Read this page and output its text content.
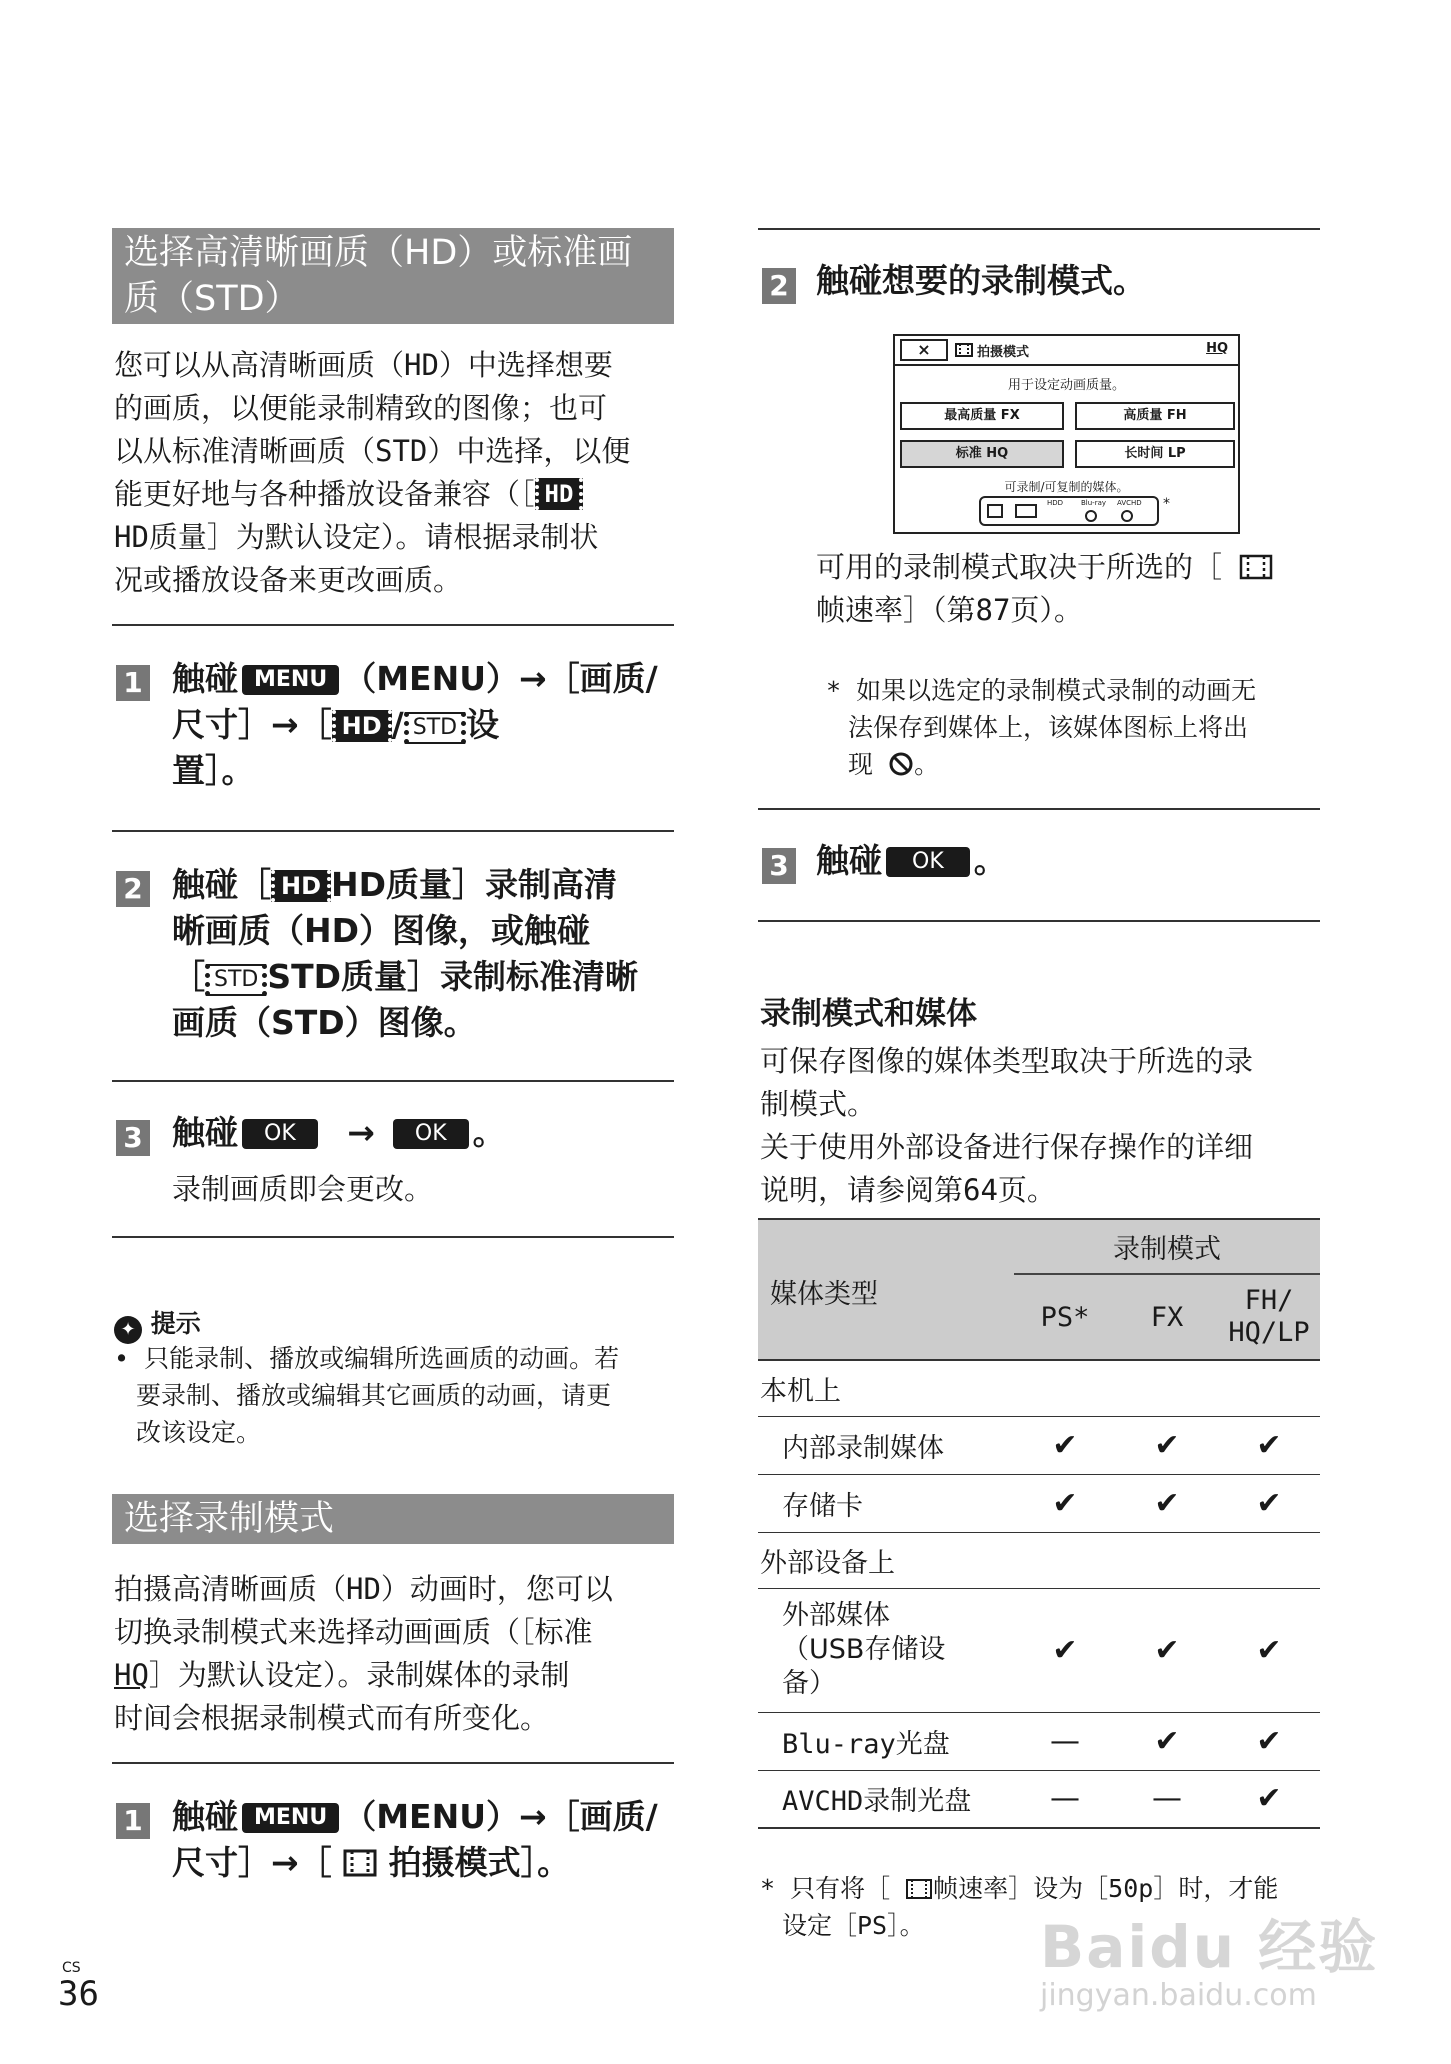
选择高清晰画质（HD）或标准画
质（STD）
您可以从高清晰画质（HD）中选择想要
的画质，以便能录制精致的图像；也可
以从标准清晰画质（STD）中选择，以便
能更好地与各种播放设备兼容（［ HD
HD质量］为默认设定）。请根据录制状
况或播放设备来更改画质。
1 触碰 MENU （MENU）→［画质/
尺寸］→［ HD / STD 设
置］。
2 触碰［ HD HD质量］录制高清
晰画质（HD）图像，或触碰
［ STD STD质量］录制标准清晰
画质（STD）图像。
3 触碰 OK → OK 。
录制画质即会更改。
✦ 提示
• 只能录制、播放或编辑所选画质的动画。若
要录制、播放或编辑其它画质的动画，请更
改该设定。
选择录制模式
拍摄高清晰画质（HD）动画时，您可以
切换录制模式来选择动画画质（［标准
HQ］为默认设定）。录制媒体的录制
时间会根据录制模式而有所变化。
1 触碰 MENU （MENU）→［画质/
尺寸］→［ 拍摄模式］。
CS
36
2 触碰想要的录制模式。
×	拍摄模式	HQ
用于设定动画质量。
最高质量 FX	高质量 FH
标准 HQ	长时间 LP
可录制/可复制的媒体。
HDD	Blu-ray AVCHD *
可用的录制模式取决于所选的［
帧速率］（第87页）。
* 如果以选定的录制模式录制的动画无
法保存到媒体上，该媒体图标上将出
现 。
3 触碰 OK 。
录制模式和媒体
可保存图像的媒体类型取决于所选的录
制模式。
关于使用外部设备进行保存操作的详细
说明，请参阅第64页。
媒体类型	录制模式		
	PS*	FX	FH/
HQ/LP
本机上			
内部录制媒体	✔	✔	✔
存储卡	✔	✔	✔
外部设备上			
外部媒体
（USB存储设
备）	✔	✔	✔
Blu-ray光盘	—	✔	✔
AVCHD录制光盘	—	—	✔
* 只有将［ 帧速率］设为［50p］时，才能
设定［PS］。	Baidu 经验
jingyan.baidu.com
